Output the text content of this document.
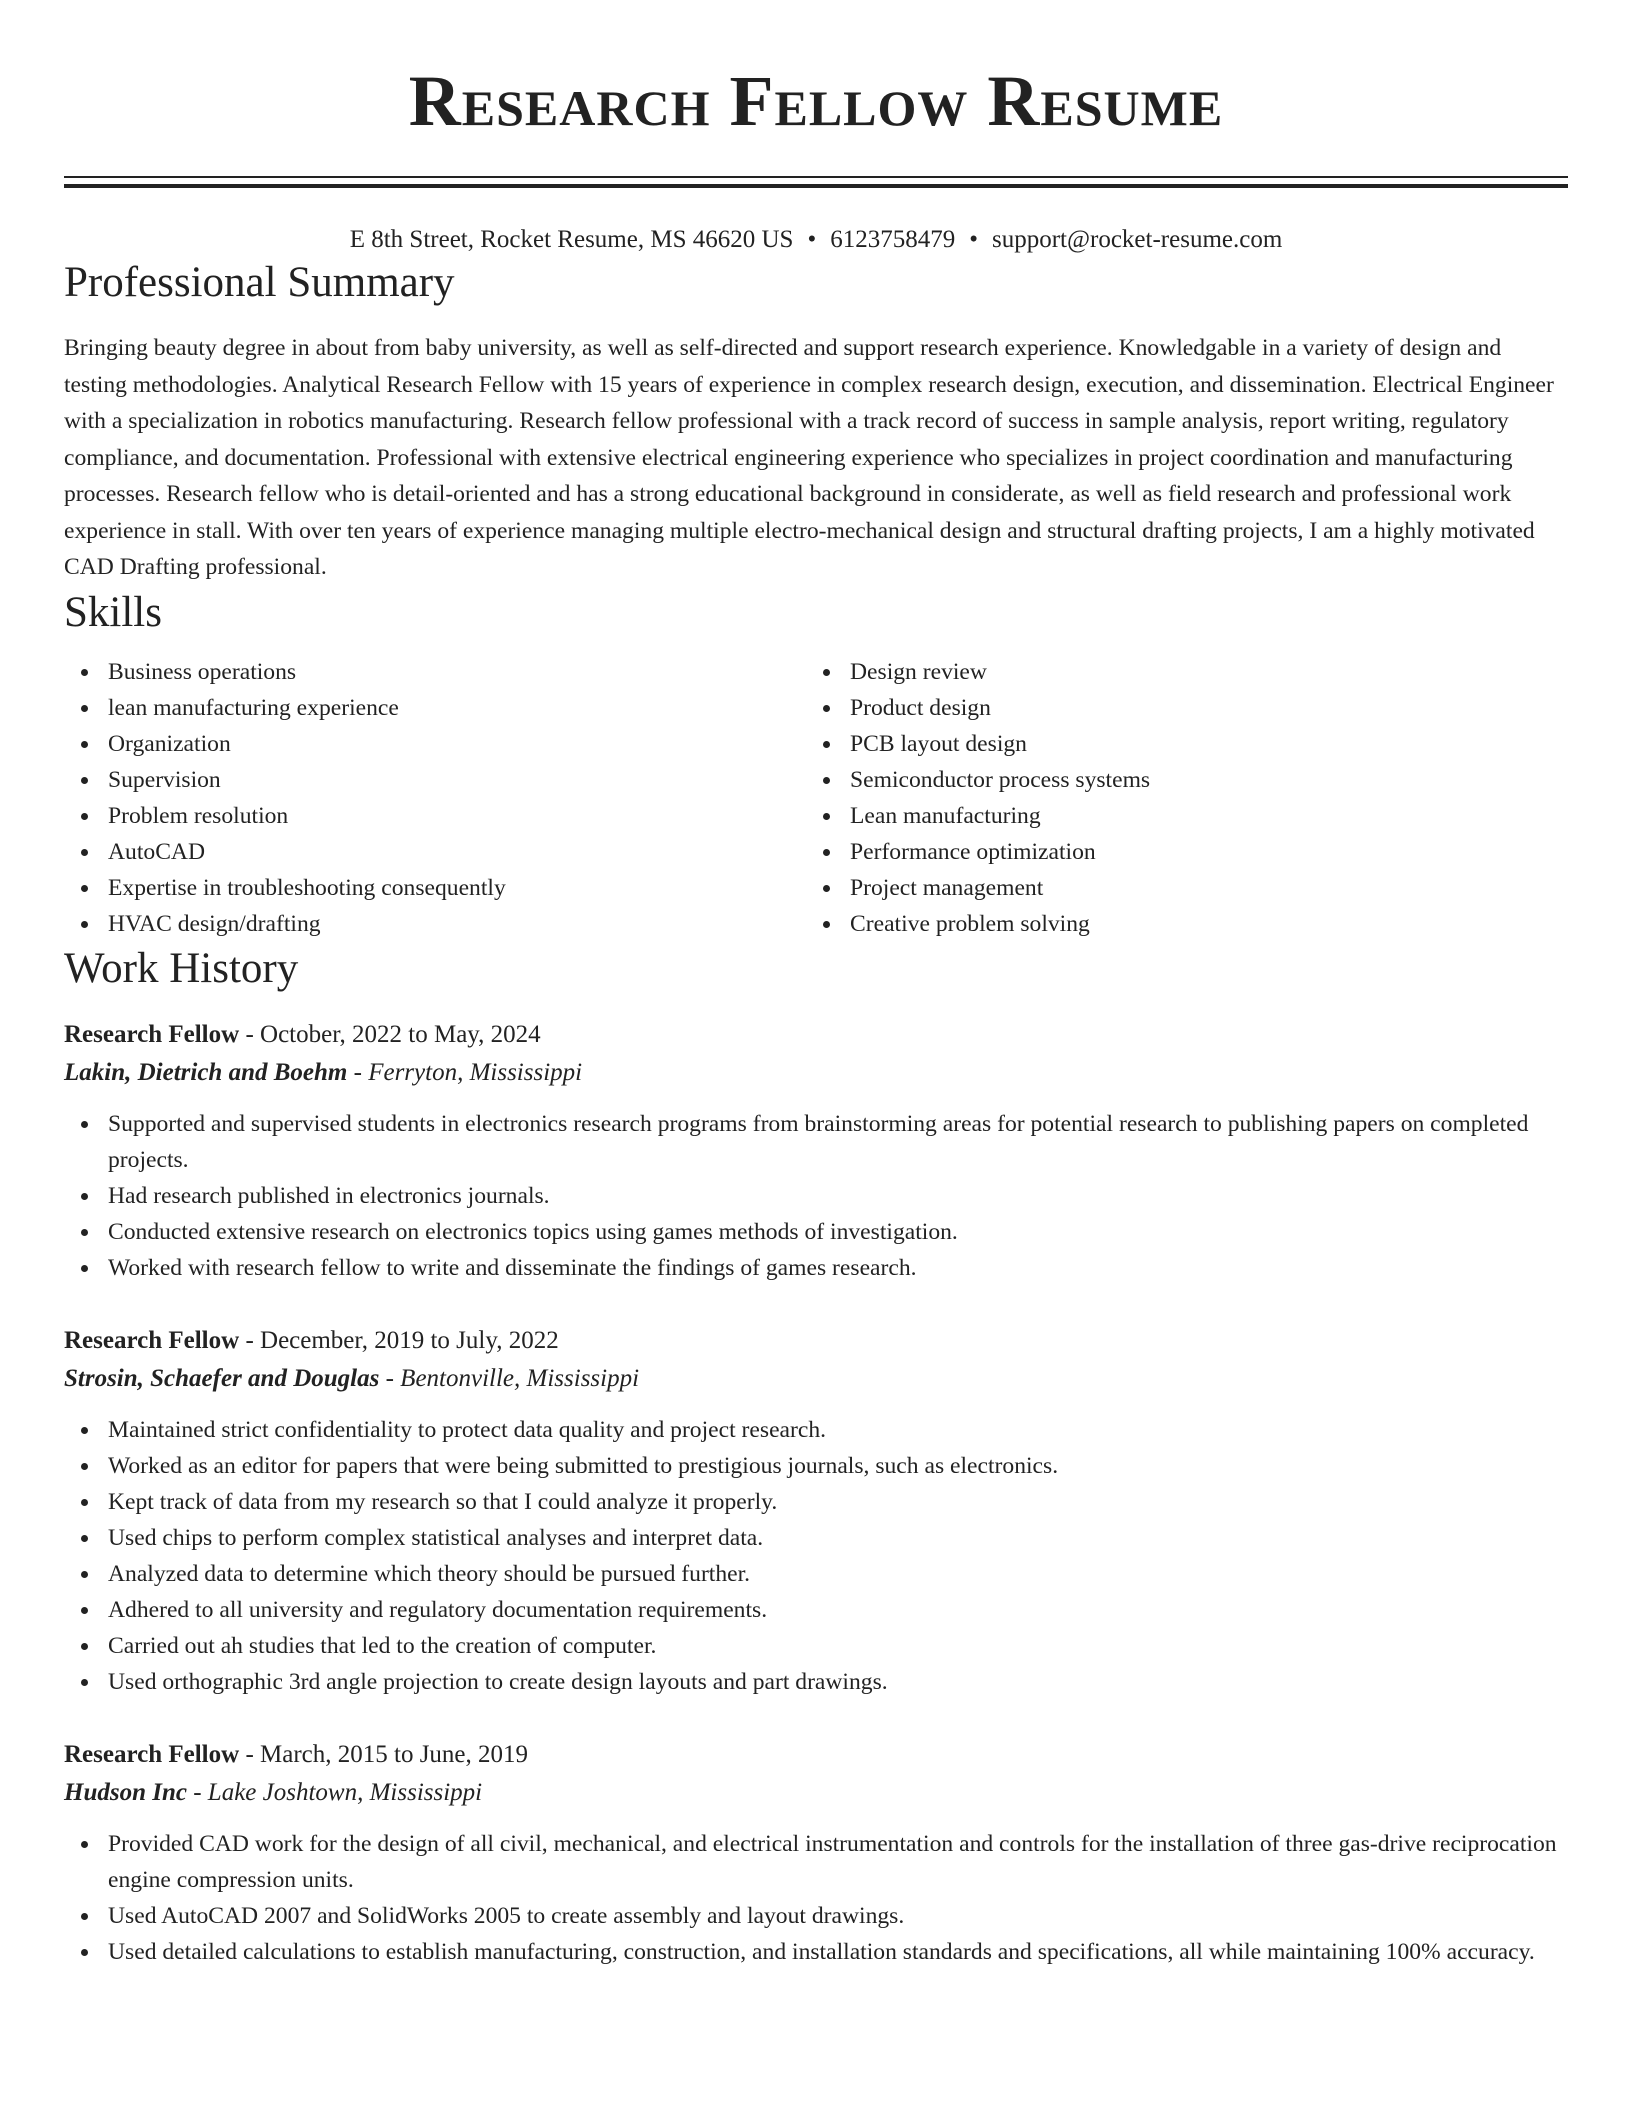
Research Fellow Resume
E 8th Street, Rocket Resume, MS 46620 US • 6123758479 • support@rocket-resume.com
Professional Summary

Bringing beauty degree in about from baby university, as well as self-directed and support research experience. Knowledgable in a variety of design and testing methodologies. Analytical Research Fellow with 15 years of experience in complex research design, execution, and dissemination. Electrical Engineer with a specialization in robotics manufacturing. Research fellow professional with a track record of success in sample analysis, report writing, regulatory compliance, and documentation. Professional with extensive electrical engineering experience who specializes in project coordination and manufacturing processes. Research fellow who is detail-oriented and has a strong educational background in considerate, as well as field research and professional work experience in stall. With over ten years of experience managing multiple electro-mechanical design and structural drafting projects, I am a highly motivated CAD Drafting professional.

Skills
Business operations
lean manufacturing experience
Organization
Supervision
Problem resolution
AutoCAD
Expertise in troubleshooting consequently
HVAC design/drafting
Design review
Product design
PCB layout design
Semiconductor process systems
Lean manufacturing
Performance optimization
Project management
Creative problem solving
Work History
Research Fellow - October, 2022 to May, 2024
Lakin, Dietrich and Boehm - Ferryton, Mississippi
Supported and supervised students in electronics research programs from brainstorming areas for potential research to publishing papers on completed projects.
Had research published in electronics journals.
Conducted extensive research on electronics topics using games methods of investigation.
Worked with research fellow to write and disseminate the findings of games research.
Research Fellow - December, 2019 to July, 2022
Strosin, Schaefer and Douglas - Bentonville, Mississippi
Maintained strict confidentiality to protect data quality and project research.
Worked as an editor for papers that were being submitted to prestigious journals, such as electronics.
Kept track of data from my research so that I could analyze it properly.
Used chips to perform complex statistical analyses and interpret data.
Analyzed data to determine which theory should be pursued further.
Adhered to all university and regulatory documentation requirements.
Carried out ah studies that led to the creation of computer.
Used orthographic 3rd angle projection to create design layouts and part drawings.
Research Fellow - March, 2015 to June, 2019
Hudson Inc - Lake Joshtown, Mississippi
Provided CAD work for the design of all civil, mechanical, and electrical instrumentation and controls for the installation of three gas-drive reciprocation engine compression units.
Used AutoCAD 2007 and SolidWorks 2005 to create assembly and layout drawings.
Used detailed calculations to establish manufacturing, construction, and installation standards and specifications, all while maintaining 100% accuracy.
